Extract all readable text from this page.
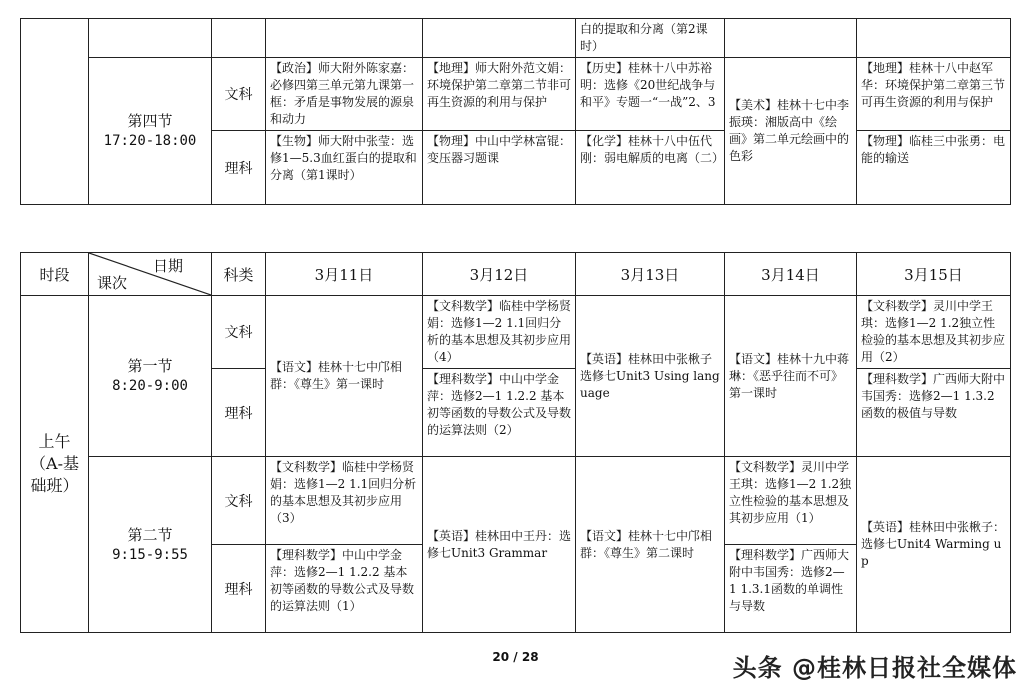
					白的提取和分离（第2课时）		

	第四节
17:20-18:00	文科	【政治】师大附外陈家嘉：必修四第三单元第九课第一框：矛盾是事物发展的源泉和动力	【地理】师大附外范文娟：环境保护第二章第二节非可再生资源的利用与保护	【历史】桂林十八中苏裕明：选修《20世纪战争与和平》专题一“一战”2、3	【美术】桂林十七中李振瑛：湘版高中《绘画》第二单元绘画中的色彩	【地理】桂林十八中赵军华：环境保护第二章第三节可再生资源的利用与保护
		理科	【生物】师大附中张莹：选修1—5.3血红蛋白的提取和分离（第1课时）	【物理】中山中学林富锟：变压器习题课	【化学】桂林十八中伍代刚：弱电解质的电离（二）		【物理】临桂三中张勇：电能的输送
时段	日期
课次	科类	3月11日	3月12日	3月13日	3月14日	3月15日
上午（A-基础班）	第一节
8:20-9:00	文科	【语文】桂林十七中邝相群：《尊生》第一课时	【文科数学】临桂中学杨贤娟：选修1—2 1.1回归分析的基本思想及其初步应用（4）	【英语】桂林田中张楸子选修七Unit3 Using language	【语文】桂林十九中蒋琳：《恶乎往而不可》第一课时	【文科数学】灵川中学王琪：选修1—2 1.2独立性检验的基本思想及其初步应用（2）
		理科		【理科数学】中山中学金 萍：选修2—1 1.2.2 基本初等函数的导数公式及导数的运算法则（2）			【理科数学】广西师大附中韦国秀：选修2—1 1.3.2函数的极值与导数

	第二节
9:15-9:55	文科	【文科数学】临桂中学杨贤娟：选修1—2 1.1回归分析的基本思想及其初步应用（3）	【英语】桂林田中王丹：选修七Unit3 Grammar	【语文】桂林十七中邝相群：《尊生》第二课时	【文科数学】灵川中学王琪：选修1—2 1.2独立性检验的基本思想及其初步应用（1）	【英语】桂林田中张楸子：选修七Unit4 Warming up
		理科	【理科数学】中山中学金 萍：选修2—1 1.2.2 基本初等函数的导数公式及导数的运算法则（1）			【理科数学】广西师大附中韦国秀：选修2—1 1.3.1函数的单调性与导数	
20 / 28	头条 @桂林日报社全媒体
